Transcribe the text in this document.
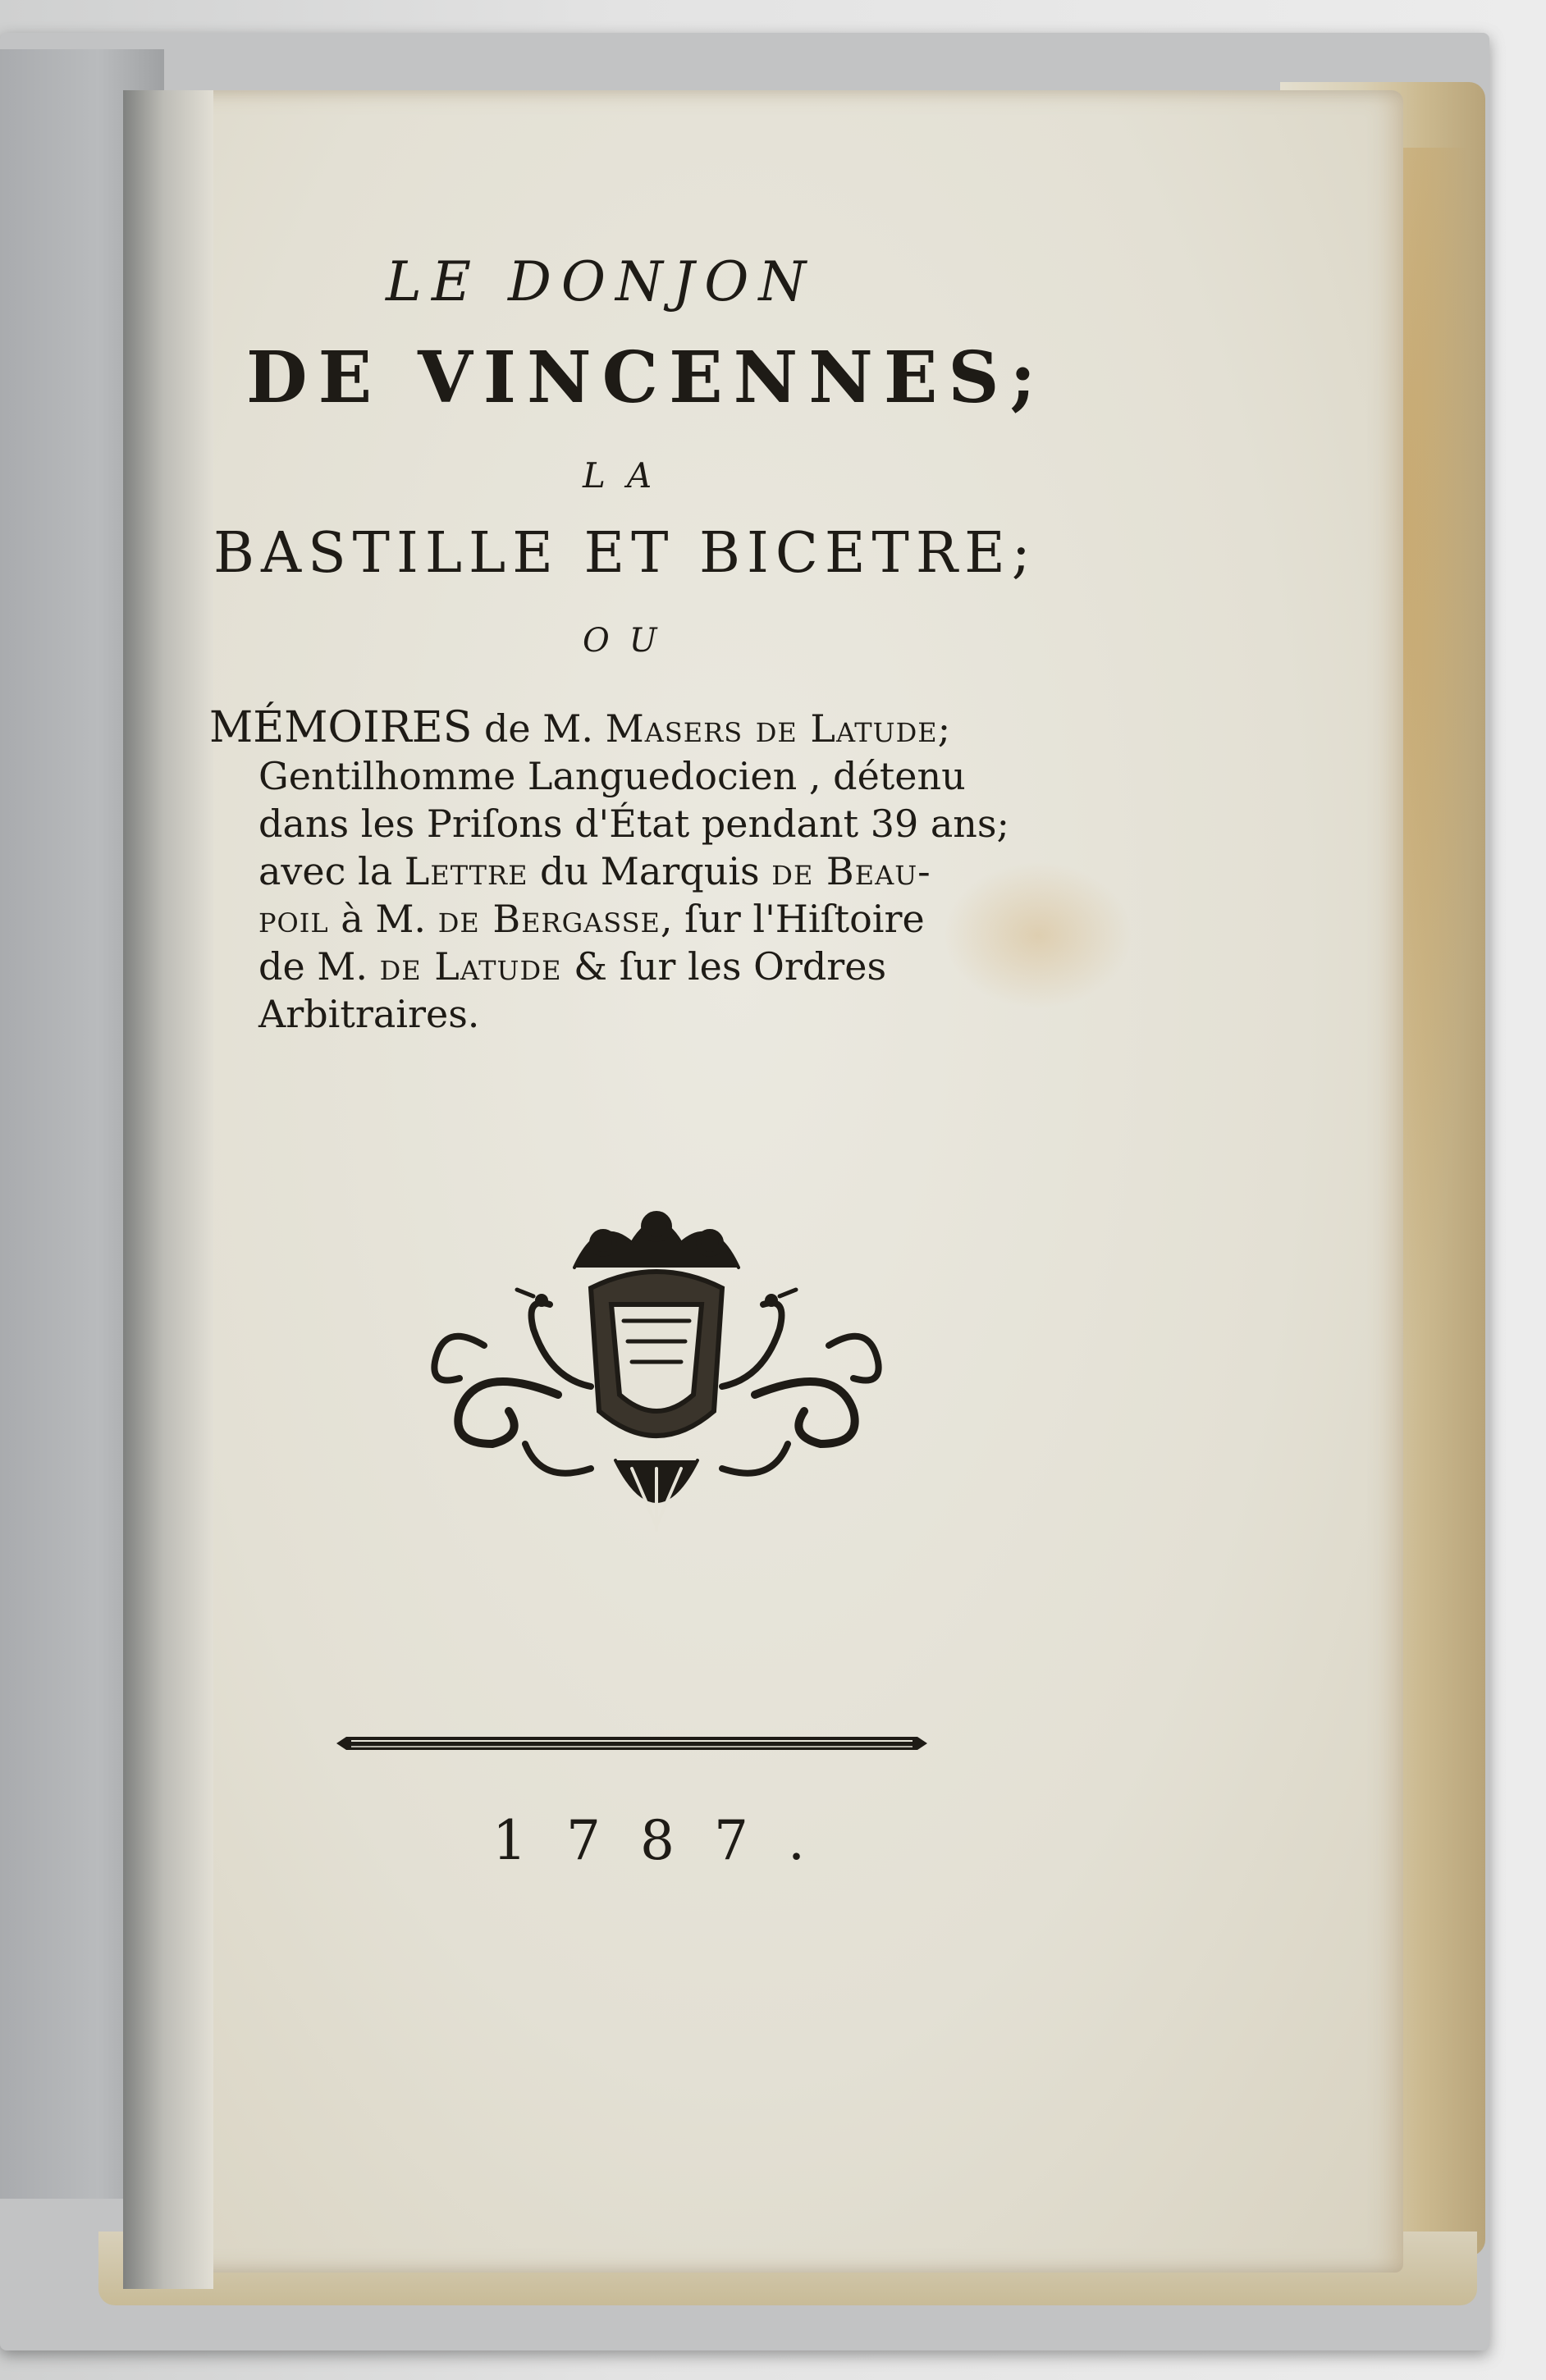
LE DONJON
DE VINCENNES;
LA
BASTILLE ET BICETRE;
OU

MÉMOIRES de M. Masers de Latude;
Gentilhomme Languedocien , détenu
dans les Priſons d'État pendant 39 ans;
avec la Lettre du Marquis de Beau-
poil à M. de Bergasse, ſur l'Hiſtoire
de M. de Latude & ſur les Ordres
Arbitraires.

1787.
